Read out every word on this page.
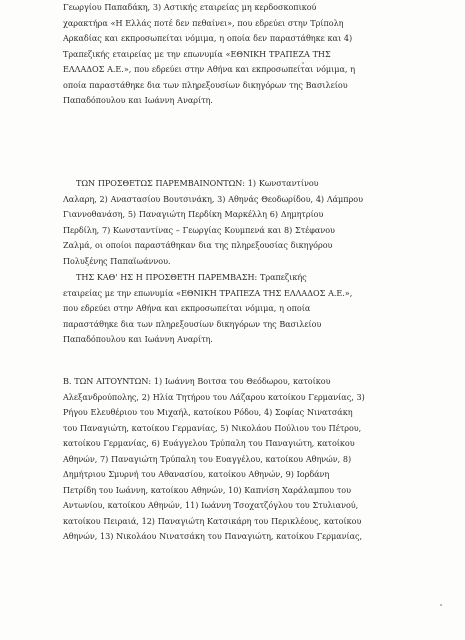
Γεωργίου Παπαδάκη, 3) Αστικής εταιρείας μη κερδοσκοπικού
χαρακτήρα «Η Ελλάς ποτέ δεν πεθαίνει», που εδρεύει στην Τρίπολη
Αρκαδίας και εκπροσωπείται νόμιμα, η οποία δεν παραστάθηκε και 4)
Τραπεζικής εταιρείας με την επωνυμία «ΕΘΝΙΚΗ ΤΡΑΠΕΖΑ ΤΗΣ
ΕΛΛΑΔΟΣ Α.Ε.», που εδρεύει στην Αθήνα και εκπροσωπείται νόμιμα, η
οποία παραστάθηκε δια των πληρεξουσίων δικηγόρων της Βασιλείου
Παπαδόπουλου και Ιωάννη Αναρίτη.
ΤΩΝ ΠΡΟΣΘΕΤΩΣ ΠΑΡΕΜΒΑΙΝΟΝΤΩΝ: 1) Κωνσταντίνου
Λαλαρη, 2) Αναστασίου Βουτσινάκη, 3) Αθηνάς Θεοδωρίδου, 4) Λάμπρου
Γιαννοθανάση, 5) Παναγιώτη Περδίκη Μαρκέλλη 6) Δημητρίου
Περδίλη, 7) Κωνσταντίνας – Γεωργίας Κουμπενά και 8) Στέφανου
Ζαλμά, οι οποίοι παραστάθηκαν δια της πληρεξουσίας δικηγόρου
Πολυξένης Παπαϊωάννου.
ΤΗΣ ΚΑΘ' ΗΣ Η ΠΡΟΣΘΕΤΗ ΠΑΡΕΜΒΑΣΗ: Τραπεζικής
εταιρείας με την επωνυμία «ΕΘΝΙΚΗ ΤΡΑΠΕΖΑ ΤΗΣ ΕΛΛΑΔΟΣ Α.Ε.»,
που εδρεύει στην Αθήνα και εκπροσωπείται νόμιμα, η οποία
παραστάθηκε δια των πληρεξουσίων δικηγόρων της Βασιλείου
Παπαδόπουλου και Ιωάννη Αναρίτη.
Β. ΤΩΝ ΑΙΤΟΥΝΤΩΝ: 1) Ιωάννη Βοιτσα του Θεόδωρου, κατοίκου
Αλεξανδρούπολης, 2) Ηλία Τητήρου του Λάζαρου κατοίκου Γερμανίας, 3)
Ρήγου Ελευθέριου του Μιχαήλ, κατοίκου Ρόδου, 4) Σοφίας Νινατσάκη
του Παναγιώτη, κατοίκου Γερμανίας, 5) Νικολάου Πούλιου του Πέτρου,
κατοίκου Γερμανίας, 6) Ευάγγελου Τρύπαλη του Παναγιώτη, κατοίκου
Αθηνών, 7) Παναγιώτη Τρύπαλη του Ευαγγέλου, κατοίκου Αθηνών, 8)
Δημήτριου Σμυρνή του Αθανασίου, κατοίκου Αθηνών, 9) Ιορδάνη
Πετρίδη του Ιωάννη, κατοίκου Αθηνών, 10) Καπνίση Χαράλαμπου του
Αντωνίου, κατοίκου Αθηνών, 11) Ιωάννη Τσοχατζόγλου του Στυλιανού,
κατοίκου Πειραιά, 12) Παναγιώτη Κατσικάρη του Περικλέους, κατοίκου
Αθηνών, 13) Νικολάου Νινατσάκη του Παναγιώτη, κατοίκου Γερμανίας,
